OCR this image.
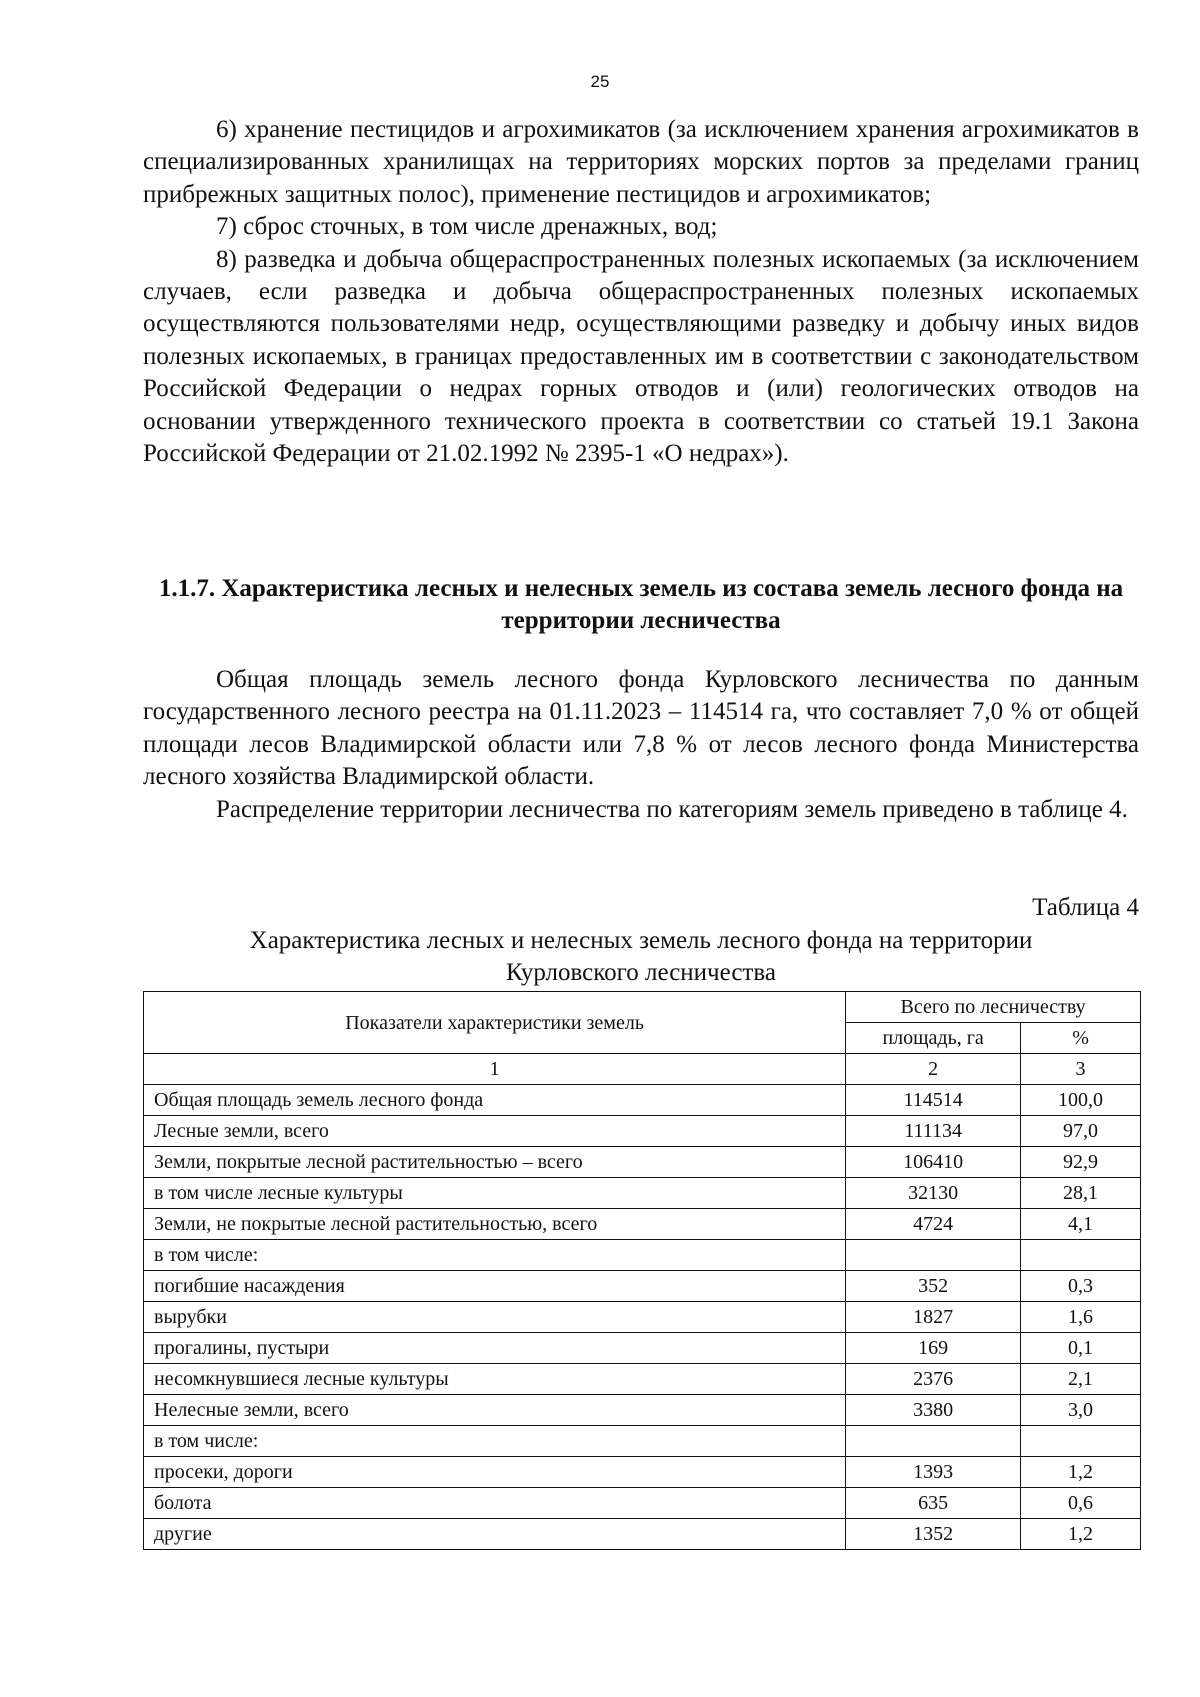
25

6) хранение пестицидов и агрохимикатов (за исключением хранения агрохимикатов в специализированных хранилищах на территориях морских портов за пределами границ прибрежных защитных полос), применение пестицидов и агрохимикатов;

7) сброс сточных, в том числе дренажных, вод;

8) разведка и добыча общераспространенных полезных ископаемых (за исключением случаев, если разведка и добыча общераспространенных полезных ископаемых осуществляются пользователями недр, осуществляющими разведку и добычу иных видов полезных ископаемых, в границах предоставленных им в соответствии с законодательством Российской Федерации о недрах горных отводов и (или) геологических отводов на основании утвержденного технического проекта в соответствии со статьей 19.1 Закона Российской Федерации от 21.02.1992 № 2395-1 «О недрах»).

1.1.7. Характеристика лесных и нелесных земель из состава земель лесного фонда на территории лесничества

Общая площадь земель лесного фонда Курловского лесничества по данным государственного лесного реестра на 01.11.2023 – 114514 га, что составляет 7,0 % от общей площади лесов Владимирской области или 7,8 % от лесов лесного фонда Министерства лесного хозяйства Владимирской области.

Распределение территории лесничества по категориям земель приведено в таблице 4.

Таблица 4
Характеристика лесных и нелесных земель лесного фонда на территории Курловского лесничества
Показатели характеристики земель	Всего по лесничеству	
	площадь, га	%
1	2	3
Общая площадь земель лесного фонда	114514	100,0
Лесные земли, всего	111134	97,0
Земли, покрытые лесной растительностью – всего	106410	92,9
в том числе лесные культуры	32130	28,1
Земли, не покрытые лесной растительностью, всего	4724	4,1
в том числе:		
погибшие насаждения	352	0,3
вырубки	1827	1,6
прогалины, пустыри	169	0,1
несомкнувшиеся лесные культуры	2376	2,1
Нелесные земли, всего	3380	3,0
в том числе:		
просеки, дороги	1393	1,2
болота	635	0,6
другие	1352	1,2
